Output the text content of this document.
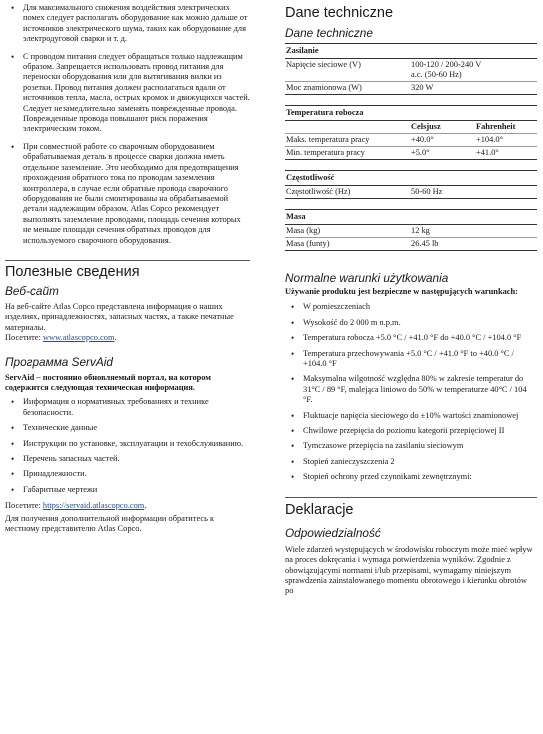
• Для максимального снижения воздействия электрических помех следует располагать оборудование как можно дальше от источников электрического шума, таких как оборудование для электродуговой сварки и т. д.
• С проводом питания следует обращаться только надлежащим образом. Запрещается использовать провод питания для переноски оборудования или для вытягивания вилки из розетки. Провод питания должен располагаться вдали от источников тепла, масла, острых кромок и движущихся частей. Следует незамедлительно заменять поврежденные провода. Поврежденные провода повышают риск поражения электрическим током.
• При совместной работе со сварочным оборудованием обрабатываемая деталь в процессе сварки должна иметь отдельное заземление. Это необходимо для предотвращения прохождения обратного тока по проводам заземления контроллера, в случае если обратные провода сварочного оборудования не были смонтированы на обрабатываемой детали надлежащим образом. Atlas Copco рекомендует выполнять заземление проводами, площадь сечения которых не меньше площади сечения обратных проводов для используемого сварочного оборудования.
Полезные сведения
Веб-сайт

На веб-сайте Atlas Copco представлена информация о наших изделиях, принадлежностях, запасных частях, а также печатные материалы.

Посетите: www.atlascopco.com.

Программа ServAid

ServAid – постоянно обновляемый портал, на котором содержится следующая техническая информация.

• Информация о нормативных требованиях и технике безопасности.
• Технические данные
• Инструкции по установке, эксплуатации и техобслуживанию.
• Перечень запасных частей.
• Принадлежности.
• Габаритные чертежи

Посетите: https://servaid.atlascopco.com.

Для получения дополнительной информации обратитесь к местному представителю Atlas Copco.

Dane techniczne
Dane techniczne
Zasilanie	
Napięcie sieciowe (V)	100-120 / 200-240 V
a.c. (50-60 Hz)

Moc znamionowa (W)	320 W
Temperatura robocza		
	Celsjusz	Fahrenheit
Maks. temperatura pracy	+40.0°	+104.0°
Min. temperatura pracy	+5.0°	+41.0°
Częstotliwość
Częstotliwość (Hz)	50-60 Hz
Masa	
Masa (kg)	12 kg
Masa (funty)	26.45 lb
Normalne warunki użytkowania

Używanie produktu jest bezpieczne w następujących warunkach:

• W pomieszczeniach
• Wysokość do 2 000 m n.p.m.
• Temperatura robocza +5.0 °C / +41.0 °F do +40.0 °C / +104.0 °F
• Temperatura przechowywania +5.0 °C / +41.0 °F to +40.0 °C / +104.0 °F
• Maksymalna wilgotność względna 80% w zakresie temperatur do 31°C / 89 °F, malejąca liniowo do 50% w temperaturze 40°C / 104 °F.
• Fluktuacje napięcia sieciowego do ±10% wartości znamionowej
• Chwilowe przepięcia do poziomu kategorii przepięciowej II
• Tymczasowe przepięcia na zasilaniu sieciowym
• Stopień zanieczyszczenia 2
• Stopień ochrony przed czynnikami zewnętrznymi:
Deklaracje
Odpowiedzialność

Wiele zdarzeń występujących w środowisku roboczym może mieć wpływ na proces dokręcania i wymaga potwierdzenia wyników. Zgodnie z obowiązującymi normami i/lub przepisami, wymagamy niniejszym sprawdzenia zainstalowanego momentu obrotowego i kierunku obrotów po
